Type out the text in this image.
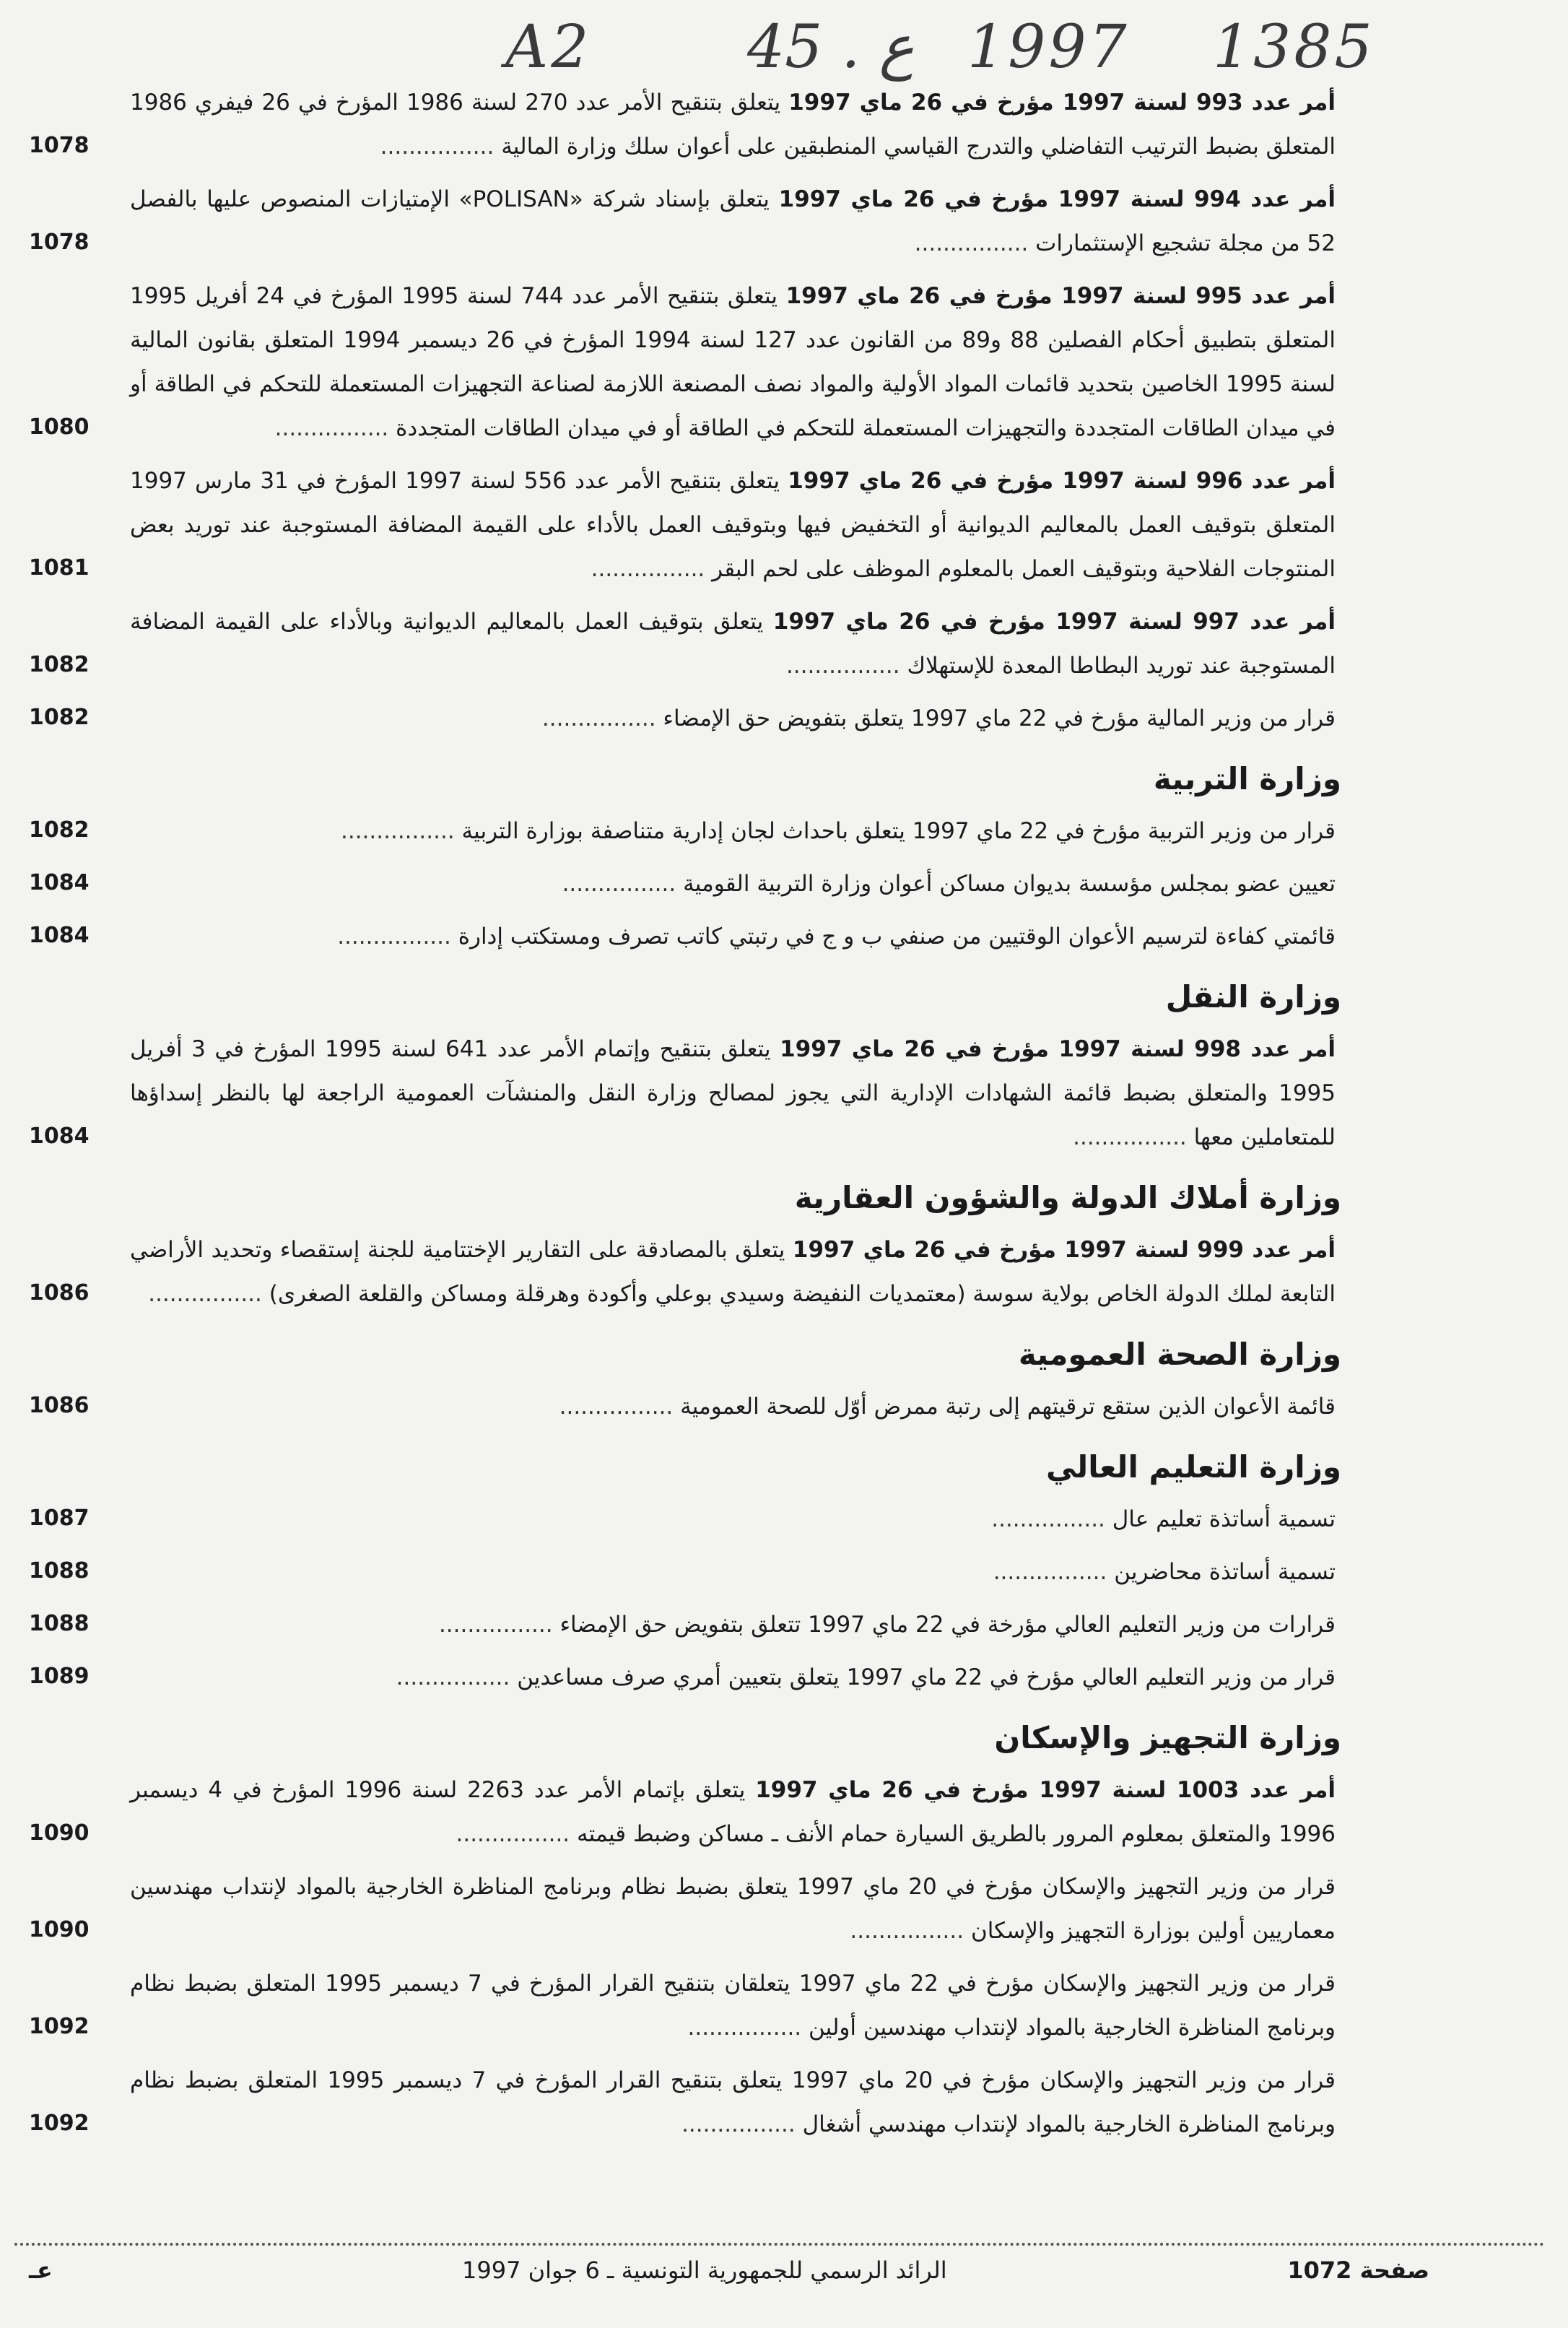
A2	45 . ع 1997 1385
أمر عدد 993 لسنة 1997 مؤرخ في 26 ماي 1997 يتعلق بتنقيح الأمر عدد 270 لسنة 1986 المؤرخ في 26 فيفري 1986 المتعلق بضبط الترتيب التفاضلي والتدرج القياسي المنطبقين على أعوان سلك وزارة المالية ................
1078
أمر عدد 994 لسنة 1997 مؤرخ في 26 ماي 1997 يتعلق بإسناد شركة «POLISAN» الإمتيازات المنصوص عليها بالفصل 52 من مجلة تشجيع الإستثمارات ................
1078
أمر عدد 995 لسنة 1997 مؤرخ في 26 ماي 1997 يتعلق بتنقيح الأمر عدد 744 لسنة 1995 المؤرخ في 24 أفريل 1995 المتعلق بتطبيق أحكام الفصلين 88 و89 من القانون عدد 127 لسنة 1994 المؤرخ في 26 ديسمبر 1994 المتعلق بقانون المالية لسنة 1995 الخاصين بتحديد قائمات المواد الأولية والمواد نصف المصنعة اللازمة لصناعة التجهيزات المستعملة للتحكم في الطاقة أو في ميدان الطاقات المتجددة والتجهيزات المستعملة للتحكم في الطاقة أو في ميدان الطاقات المتجددة ................
1080
أمر عدد 996 لسنة 1997 مؤرخ في 26 ماي 1997 يتعلق بتنقيح الأمر عدد 556 لسنة 1997 المؤرخ في 31 مارس 1997 المتعلق بتوقيف العمل بالمعاليم الديوانية أو التخفيض فيها وبتوقيف العمل بالأداء على القيمة المضافة المستوجبة عند توريد بعض المنتوجات الفلاحية وبتوقيف العمل بالمعلوم الموظف على لحم البقر ................
1081
أمر عدد 997 لسنة 1997 مؤرخ في 26 ماي 1997 يتعلق بتوقيف العمل بالمعاليم الديوانية وبالأداء على القيمة المضافة المستوجبة عند توريد البطاطا المعدة للإستهلاك ................
1082
قرار من وزير المالية مؤرخ في 22 ماي 1997 يتعلق بتفويض حق الإمضاء ................
1082
وزارة التربية
قرار من وزير التربية مؤرخ في 22 ماي 1997 يتعلق باحداث لجان إدارية متناصفة بوزارة التربية ................
1082
تعيين عضو بمجلس مؤسسة بديوان مساكن أعوان وزارة التربية القومية ................
1084
قائمتي كفاءة لترسيم الأعوان الوقتيين من صنفي ب و ج في رتبتي كاتب تصرف ومستكتب إدارة ................
1084
وزارة النقل
أمر عدد 998 لسنة 1997 مؤرخ في 26 ماي 1997 يتعلق بتنقيح وإتمام الأمر عدد 641 لسنة 1995 المؤرخ في 3 أفريل 1995 والمتعلق بضبط قائمة الشهادات الإدارية التي يجوز لمصالح وزارة النقل والمنشآت العمومية الراجعة لها بالنظر إسداؤها للمتعاملين معها ................
1084
وزارة أملاك الدولة والشؤون العقارية
أمر عدد 999 لسنة 1997 مؤرخ في 26 ماي 1997 يتعلق بالمصادقة على التقارير الإختتامية للجنة إستقصاء وتحديد الأراضي التابعة لملك الدولة الخاص بولاية سوسة (معتمديات النفيضة وسيدي بوعلي وأكودة وهرقلة ومساكن والقلعة الصغرى) ................
1086
وزارة الصحة العمومية
قائمة الأعوان الذين ستقع ترقيتهم إلى رتبة ممرض أوّل للصحة العمومية ................
1086
وزارة التعليم العالي
تسمية أساتذة تعليم عال ................
1087
تسمية أساتذة محاضرين ................
1088
قرارات من وزير التعليم العالي مؤرخة في 22 ماي 1997 تتعلق بتفويض حق الإمضاء ................
1088
قرار من وزير التعليم العالي مؤرخ في 22 ماي 1997 يتعلق بتعيين أمري صرف مساعدين ................
1089
وزارة التجهيز والإسكان
أمر عدد 1003 لسنة 1997 مؤرخ في 26 ماي 1997 يتعلق بإتمام الأمر عدد 2263 لسنة 1996 المؤرخ في 4 ديسمبر 1996 والمتعلق بمعلوم المرور بالطريق السيارة حمام الأنف ـ مساكن وضبط قيمته ................
1090
قرار من وزير التجهيز والإسكان مؤرخ في 20 ماي 1997 يتعلق بضبط نظام وبرنامج المناظرة الخارجية بالمواد لإنتداب مهندسين معماريين أولين بوزارة التجهيز والإسكان ................
1090
قرار من وزير التجهيز والإسكان مؤرخ في 22 ماي 1997 يتعلقان بتنقيح القرار المؤرخ في 7 ديسمبر 1995 المتعلق بضبط نظام وبرنامج المناظرة الخارجية بالمواد لإنتداب مهندسين أولين ................
1092
قرار من وزير التجهيز والإسكان مؤرخ في 20 ماي 1997 يتعلق بتنقيح القرار المؤرخ في 7 ديسمبر 1995 المتعلق بضبط نظام وبرنامج المناظرة الخارجية بالمواد لإنتداب مهندسي أشغال ................
1092
عـ	الرائد الرسمي للجمهورية التونسية ـ 6 جوان 1997	صفحة 1072
